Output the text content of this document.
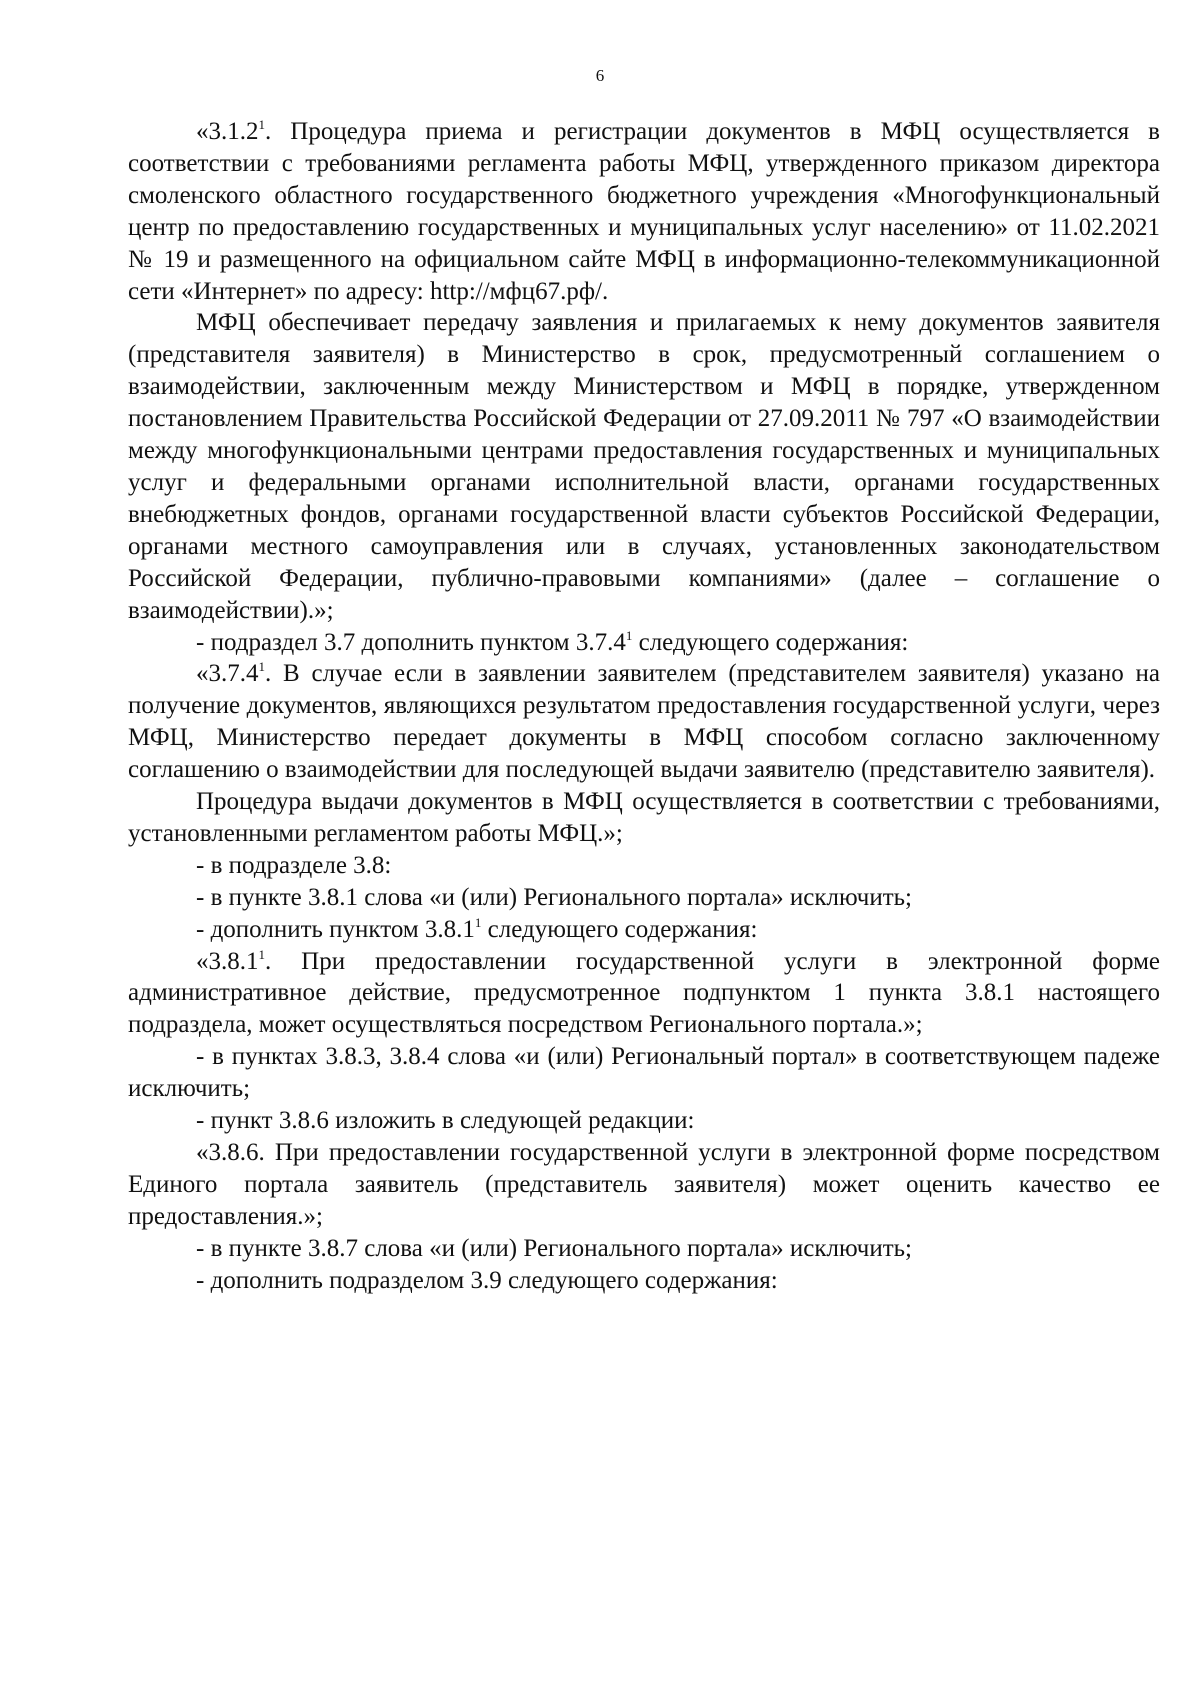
6

«3.1.2$^1$. Процедура приема и регистрации документов в МФЦ осуществляется в соответствии с требованиями регламента работы МФЦ, утвержденного приказом директора смоленского областного государственного бюджетного учреждения «Многофункциональный центр по предоставлению государственных и муниципальных услуг населению» от 11.02.2021 № 19 и размещенного на официальном сайте МФЦ в информационно-телекоммуникационной сети «Интернет» по адресу: http://мфц67.рф/.

МФЦ обеспечивает передачу заявления и прилагаемых к нему документов заявителя (представителя заявителя) в Министерство в срок, предусмотренный соглашением о взаимодействии, заключенным между Министерством и МФЦ в порядке, утвержденном постановлением Правительства Российской Федерации от 27.09.2011 № 797 «О взаимодействии между многофункциональными центрами предоставления государственных и муниципальных услуг и федеральными органами исполнительной власти, органами государственных внебюджетных фондов, органами государственной власти субъектов Российской Федерации, органами местного самоуправления или в случаях, установленных законодательством Российской Федерации, публично-правовыми компаниями» (далее – соглашение о взаимодействии).»;

- подраздел 3.7 дополнить пунктом 3.7.4$^1$ следующего содержания:

«3.7.4$^1$. В случае если в заявлении заявителем (представителем заявителя) указано на получение документов, являющихся результатом предоставления государственной услуги, через МФЦ, Министерство передает документы в МФЦ способом согласно заключенному соглашению о взаимодействии для последующей выдачи заявителю (представителю заявителя).

Процедура выдачи документов в МФЦ осуществляется в соответствии с требованиями, установленными регламентом работы МФЦ.»;

- в подразделе 3.8:

- в пункте 3.8.1 слова «и (или) Регионального портала» исключить;

- дополнить пунктом 3.8.1$^1$ следующего содержания:

«3.8.1$^1$. При предоставлении государственной услуги в электронной форме административное действие, предусмотренное подпунктом 1 пункта 3.8.1 настоящего подраздела, может осуществляться посредством Регионального портала.»;

- в пунктах 3.8.3, 3.8.4 слова «и (или) Региональный портал» в соответствующем падеже исключить;

- пункт 3.8.6 изложить в следующей редакции:

«3.8.6. При предоставлении государственной услуги в электронной форме посредством Единого портала заявитель (представитель заявителя) может оценить качество ее предоставления.»;

- в пункте 3.8.7 слова «и (или) Регионального портала» исключить;

- дополнить подразделом 3.9 следующего содержания:
